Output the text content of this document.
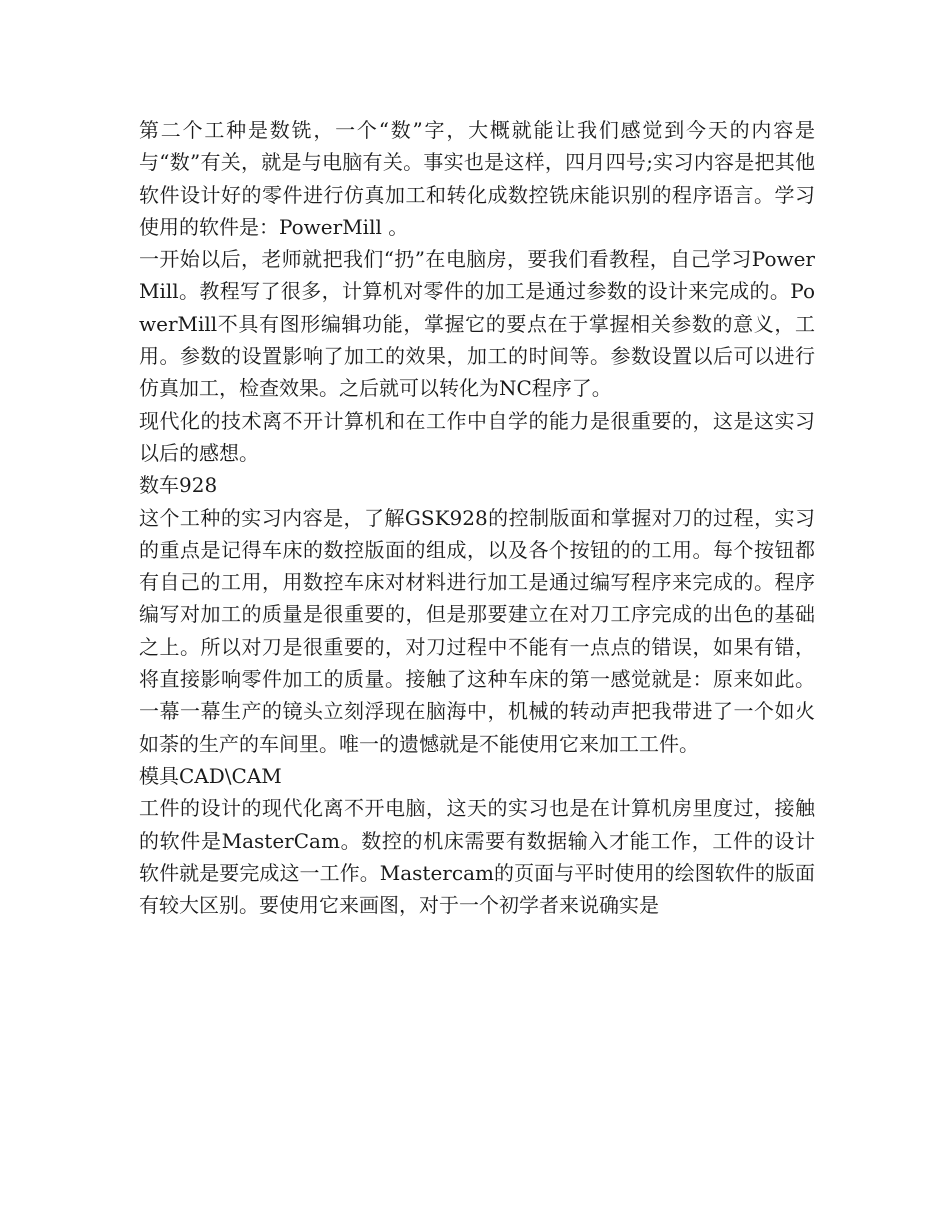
第二个工种是数铣，一个“数”字，大概就能让我们感觉到今天的内容是与“数”有关，就是与电脑有关。事实也是这样，四月四号;实习内容是把其他软件设计好的零件进行仿真加工和转化成数控铣床能识别的程序语言。学习使用的软件是：PowerMill 。

一开始以后，老师就把我们“扔”在电脑房，要我们看教程，自己学习PowerMill。教程写了很多，计算机对零件的加工是通过参数的设计来完成的。PowerMill不具有图形编辑功能，掌握它的要点在于掌握相关参数的意义，工用。参数的设置影响了加工的效果，加工的时间等。参数设置以后可以进行仿真加工，检查效果。之后就可以转化为NC程序了。

现代化的技术离不开计算机和在工作中自学的能力是很重要的，这是这实习以后的感想。

数车928

这个工种的实习内容是，了解GSK928的控制版面和掌握对刀的过程，实习的重点是记得车床的数控版面的组成，以及各个按钮的的工用。每个按钮都有自己的工用，用数控车床对材料进行加工是通过编写程序来完成的。程序编写对加工的质量是很重要的，但是那要建立在对刀工序完成的出色的基础之上。所以对刀是很重要的，对刀过程中不能有一点点的错误，如果有错，将直接影响零件加工的质量。接触了这种车床的第一感觉就是：原来如此。一幕一幕生产的镜头立刻浮现在脑海中，机械的转动声把我带进了一个如火如荼的生产的车间里。唯一的遗憾就是不能使用它来加工工件。

模具CAD\CAM

工件的设计的现代化离不开电脑，这天的实习也是在计算机房里度过，接触的软件是MasterCam。数控的机床需要有数据输入才能工作，工件的设计软件就是要完成这一工作。Mastercam的页面与平时使用的绘图软件的版面有较大区别。要使用它来画图，对于一个初学者来说确实是
